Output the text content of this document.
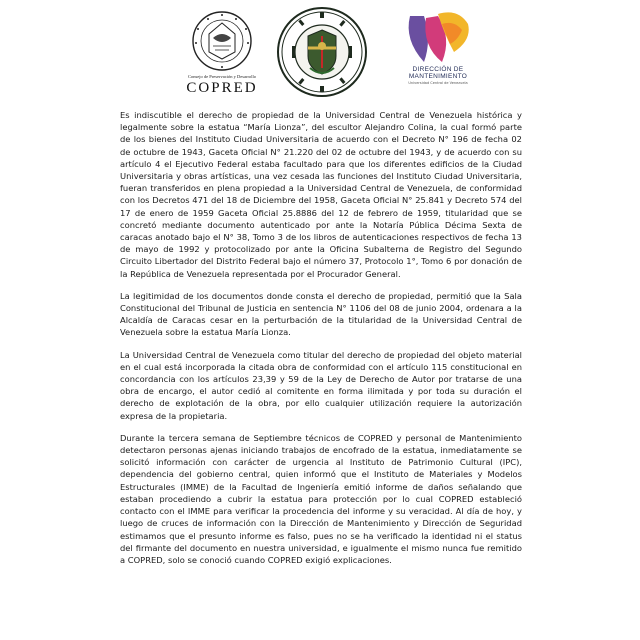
Consejo de Preservación y Desarrollo
COPRED
DIRECCIÓN DE
MANTENIMIENTO
Universidad Central de Venezuela

Es indiscutible el derecho de propiedad de la Universidad Central de Venezuela histórica y legalmente sobre la estatua “María Lionza”, del escultor Alejandro Colina, la cual formó parte de los bienes del Instituto Ciudad Universitaria de acuerdo con el Decreto N° 196 de fecha 02 de octubre de 1943, Gaceta Oficial N° 21.220 del 02 de octubre del 1943, y de acuerdo con su artículo 4 el Ejecutivo Federal estaba facultado para que los diferentes edificios de la Ciudad Universitaria y obras artísticas, una vez cesada las funciones del Instituto Ciudad Universitaria, fueran transferidos en plena propiedad a la Universidad Central de Venezuela, de conformidad con los Decretos 471 del 18 de Diciembre del 1958, Gaceta Oficial N° 25.841 y Decreto 574 del 17 de enero de 1959 Gaceta Oficial 25.8886 del 12 de febrero de 1959, titularidad que se concretó mediante documento autenticado por ante la Notaría Pública Décima Sexta de caracas anotado bajo el N° 38, Tomo 3 de los libros de autenticaciones respectivos de fecha 13 de mayo de 1992 y protocolizado por ante la Oficina Subalterna de Registro del Segundo Circuito Libertador del Distrito Federal bajo el número 37, Protocolo 1°, Tomo 6 por donación de la República de Venezuela representada por el Procurador General.

La legitimidad de los documentos donde consta el derecho de propiedad, permitió que la Sala Constitucional del Tribunal de Justicia en sentencia N° 1106 del 08 de junio 2004, ordenara a la Alcaldía de Caracas cesar en la perturbación de la titularidad de la Universidad Central de Venezuela sobre la estatua María Lionza.

La Universidad Central de Venezuela como titular del derecho de propiedad del objeto material en el cual está incorporada la citada obra de conformidad con el artículo 115 constitucional en concordancia con los artículos 23,39 y 59 de la Ley de Derecho de Autor por tratarse de una obra de encargo, el autor cedió al comitente en forma ilimitada y por toda su duración el derecho de explotación de la obra, por ello cualquier utilización requiere la autorización expresa de la propietaria.

Durante la tercera semana de Septiembre técnicos de COPRED y personal de Mantenimiento detectaron personas ajenas iniciando trabajos de encofrado de la estatua, inmediatamente se solicitó información con carácter de urgencia al Instituto de Patrimonio Cultural (IPC), dependencia del gobierno central, quien informó que el Instituto de Materiales y Modelos Estructurales (IMME) de la Facultad de Ingeniería emitió informe de daños señalando que estaban procediendo a cubrir la estatua para protección por lo cual COPRED estableció contacto con el IMME para verificar la procedencia del informe y su veracidad. Al día de hoy, y luego de cruces de información con la Dirección de Mantenimiento y Dirección de Seguridad estimamos que el presunto informe es falso, pues no se ha verificado la identidad ni el status del firmante del documento en nuestra universidad, e igualmente el mismo nunca fue remitido a COPRED, solo se conoció cuando COPRED exigió explicaciones.
